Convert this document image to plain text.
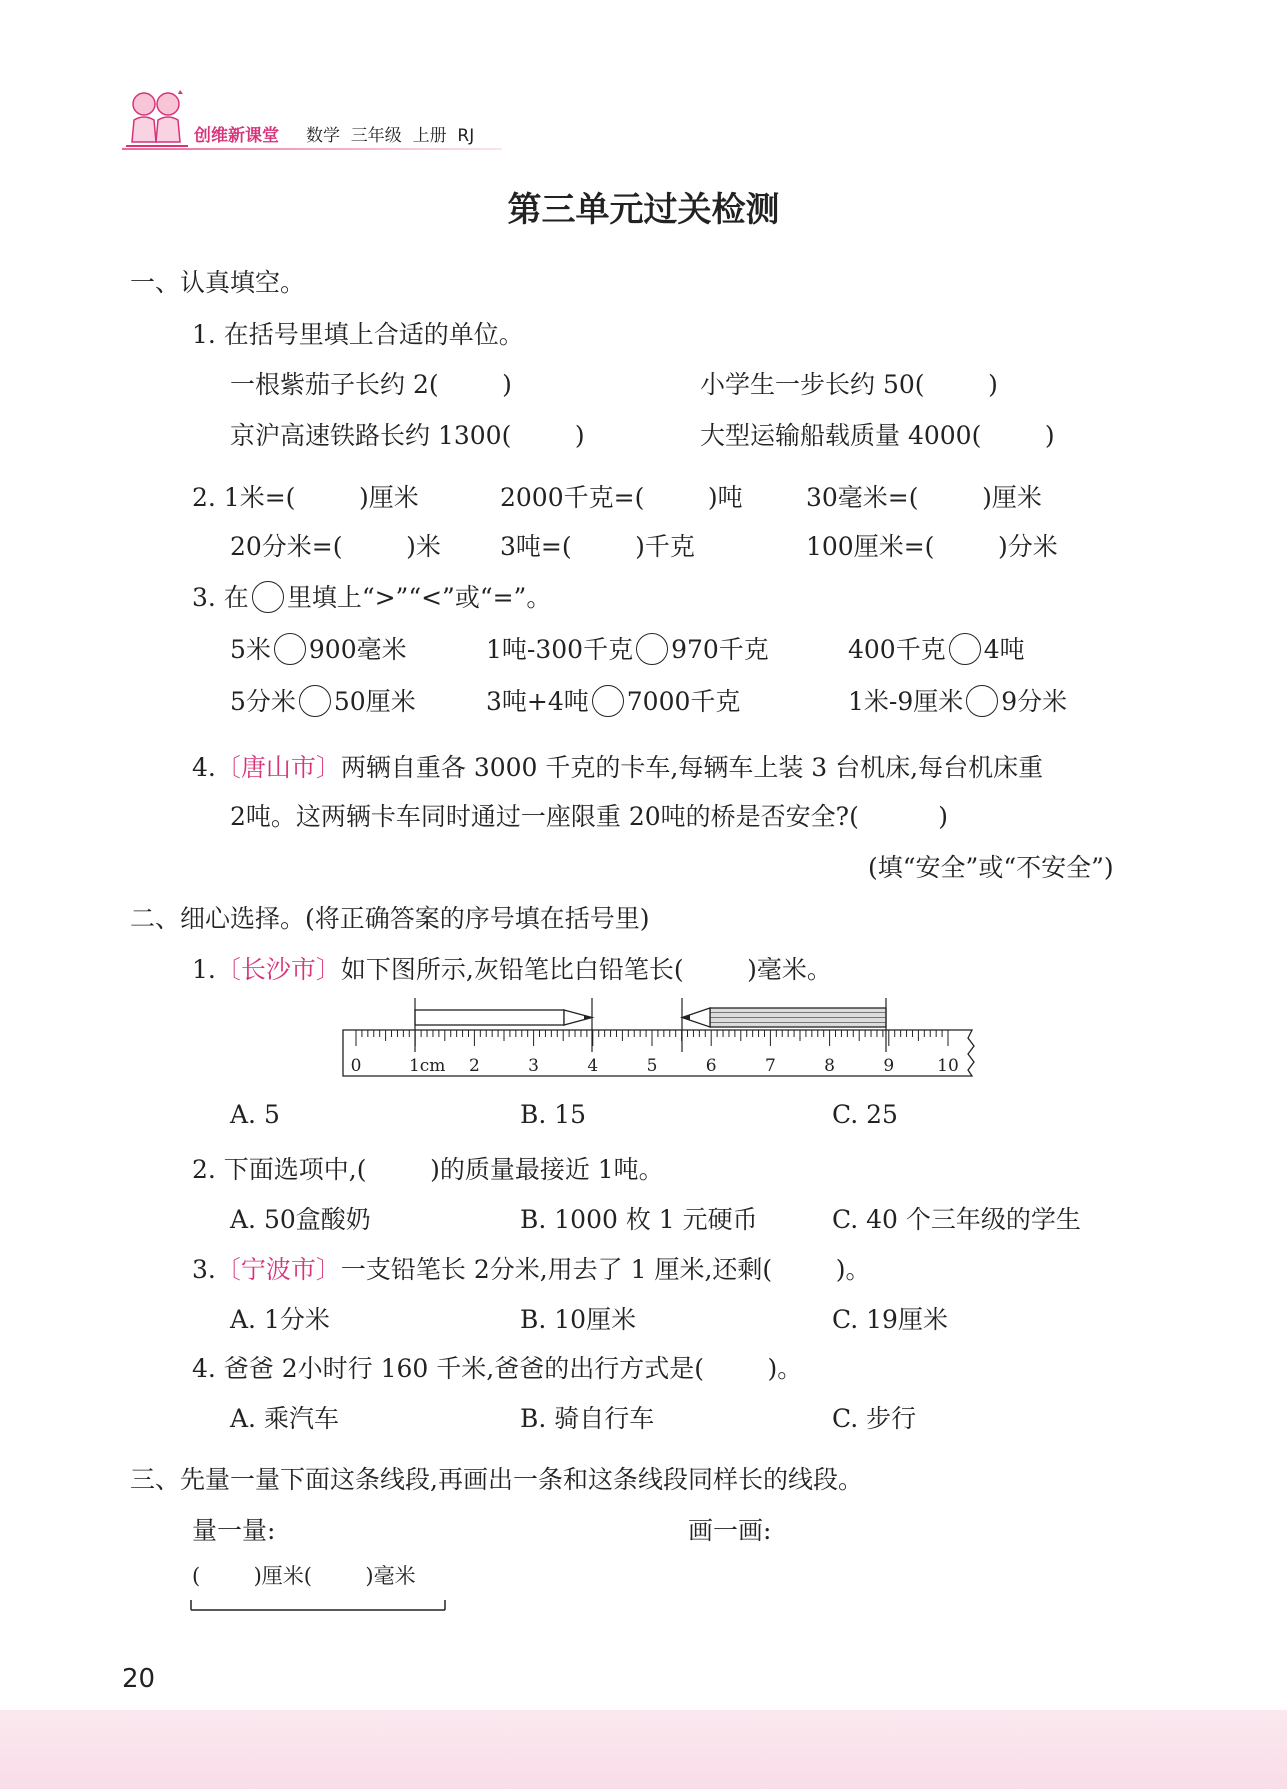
创维新课堂 数学  三年级  上册  RJ
第三单元过关检测
一、认真填空。
1. 在括号里填上合适的单位。
一根紫茄子长约 2(        )	小学生一步长约 50(        )
京沪高速铁路长约 1300(        )	大型运输船载质量 4000(        )
2. 1米=(        )厘米	2000千克=(        )吨	30毫米=(        )厘米
20分米=(        )米 3吨=(        )千克	100厘米=(        )分米
3. 在 里填上“>”“<”或“=”。
5米 900毫米	1吨-300千克 970千克	400千克 4吨
5分米 50厘米	3吨+4吨 7000千克	1米-9厘米 9分米
4.〔唐山市〕两辆自重各 3000 千克的卡车,每辆车上装 3 台机床,每台机床重
2吨。这两辆卡车同时通过一座限重 20吨的桥是否安全?(          )
(填“安全”或“不安全”)
二、细心选择。(将正确答案的序号填在括号里)
1.〔长沙市〕如下图所示,灰铅笔比白铅笔长(        )毫米。
0	1cm 2	3	4	5	6	7	8	9	10
A. 5	B. 15	C. 25
2. 下面选项中,(        )的质量最接近 1吨。
A. 50盒酸奶	B. 1000 枚 1 元硬币	C. 40 个三年级的学生
3.〔宁波市〕一支铅笔长 2分米,用去了 1 厘米,还剩(        )。
A. 1分米	B. 10厘米	C. 19厘米
4. 爸爸 2小时行 160 千米,爸爸的出行方式是(        )。
A. 乘汽车	B. 骑自行车	C. 步行
三、先量一量下面这条线段,再画出一条和这条线段同样长的线段。
量一量:	画一画:
(        )厘米(        )毫米
20
